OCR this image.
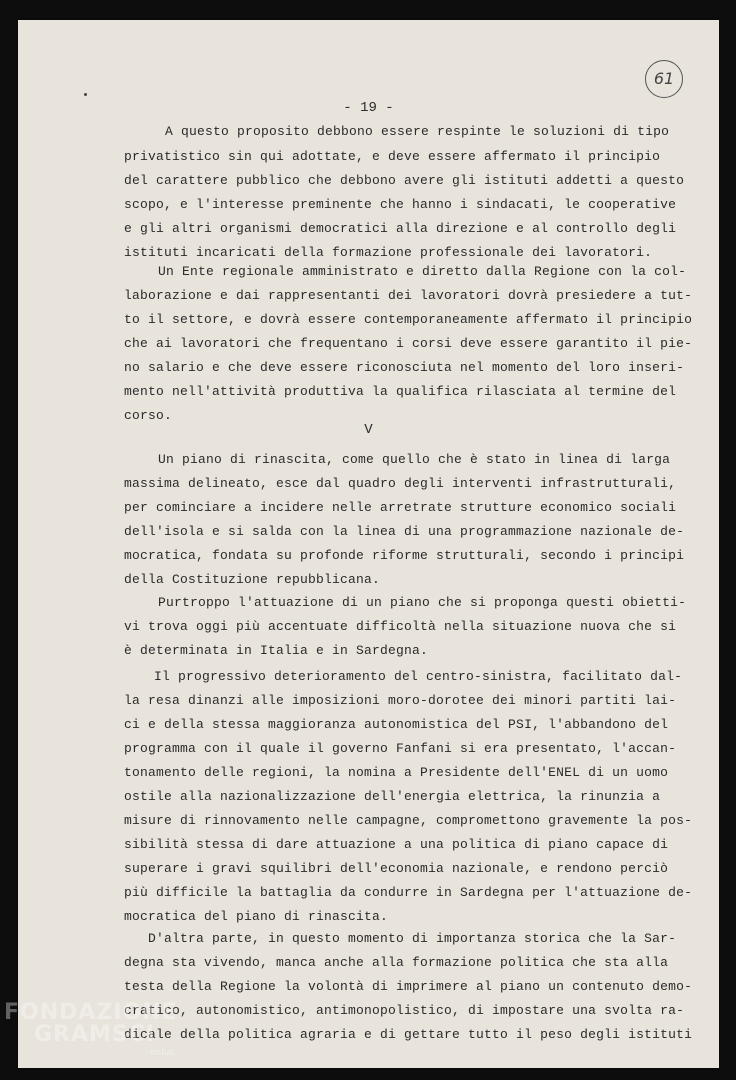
61
- 19 -
A questo proposito debbono essere respinte le soluzioni di tipo
privatistico sin qui adottate, e deve essere affermato il principio
del carattere pubblico che debbono avere gli istituti addetti a questo
scopo, e l'interesse preminente che hanno i sindacati, le cooperative
e gli altri organismi democratici alla direzione e al controllo degli
istituti incaricati della formazione professionale dei lavoratori.
Un Ente regionale amministrato e diretto dalla Regione con la col-
laborazione e dai rappresentanti dei lavoratori dovrà presiedere a tut-
to il settore, e dovrà essere contemporaneamente affermato il principio
che ai lavoratori che frequentano i corsi deve essere garantito il pie-
no salario e che deve essere riconosciuta nel momento del loro inseri-
mento nell'attività produttiva la qualifica rilasciata al termine del
corso.
V
Un piano di rinascita, come quello che è stato in linea di larga
massima delineato, esce dal quadro degli interventi infrastrutturali,
per cominciare a incidere nelle arretrate strutture economico sociali
dell'isola e si salda con la linea di una programmazione nazionale de-
mocratica, fondata su profonde riforme strutturali, secondo i principi
della Costituzione repubblicana.
Purtroppo l'attuazione di un piano che si proponga questi obietti-
vi trova oggi più accentuate difficoltà nella situazione nuova che si
è determinata in Italia e in Sardegna.
Il progressivo deterioramento del centro-sinistra, facilitato dal-
la resa dinanzi alle imposizioni moro-dorotee dei minori partiti lai-
ci e della stessa maggioranza autonomistica del PSI, l'abbandono del
programma con il quale il governo Fanfani si era presentato, l'accan-
tonamento delle regioni, la nomina a Presidente dell'ENEL di un uomo
ostile alla nazionalizzazione dell'energia elettrica, la rinunzia a
misure di rinnovamento nelle campagne, compromettono gravemente la pos-
sibilità stessa di dare attuazione a una politica di piano capace di
superare i gravi squilibri dell'economia nazionale, e rendono perciò
più difficile la battaglia da condurre in Sardegna per l'attuazione de-
mocratica del piano di rinascita.
D'altra parte, in questo momento di importanza storica che la Sar-
degna sta vivendo, manca anche alla formazione politica che sta alla
testa della Regione la volontà di imprimere al piano un contenuto demo-
cratico, autonomistico, antimonopolistico, di impostare una svolta ra-
dicale della politica agraria e di gettare tutto il peso degli istituti
FONDAZIONE
GRAMSCI
onlus
